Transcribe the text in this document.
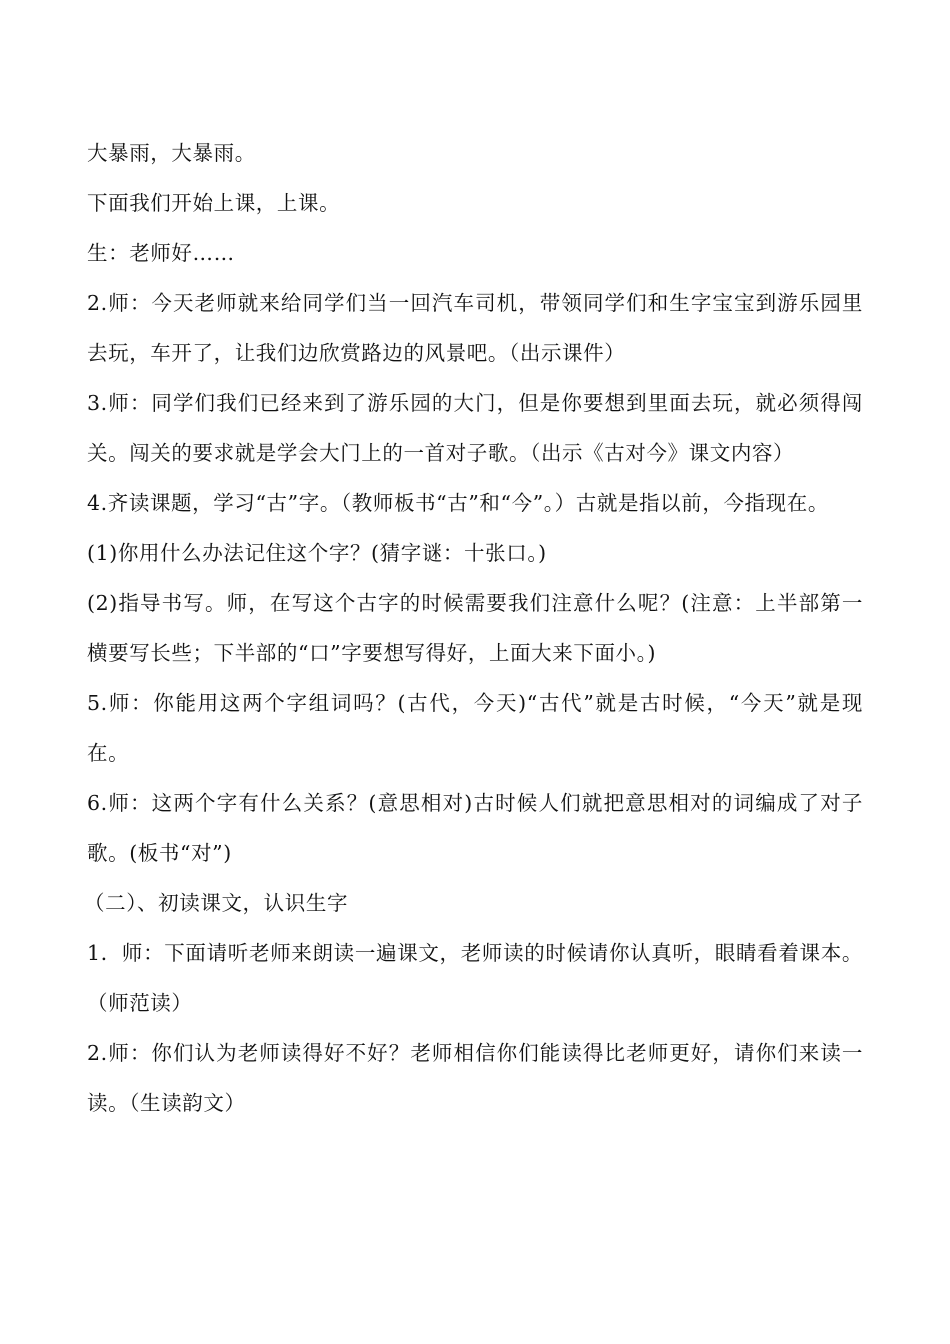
大暴雨，大暴雨。

下面我们开始上课，上课。

生：老师好……

2.师：今天老师就来给同学们当一回汽车司机，带领同学们和生字宝宝到游乐园里去玩，车开了，让我们边欣赏路边的风景吧。（出示课件）

3.师：同学们我们已经来到了游乐园的大门，但是你要想到里面去玩，就必须得闯关。闯关的要求就是学会大门上的一首对子歌。（出示《古对今》课文内容）

4.齐读课题，学习“古”字。（教师板书“古”和“今”。）古就是指以前，今指现在。

(1)你用什么办法记住这个字？(猜字谜：十张口。)

(2)指导书写。师，在写这个古字的时候需要我们注意什么呢？(注意：上半部第一横要写长些；下半部的“口”字要想写得好，上面大来下面小。)

5.师：你能用这两个字组词吗？(古代，今天)“古代”就是古时候，“今天”就是现在。

6.师：这两个字有什么关系？(意思相对)古时候人们就把意思相对的词编成了对子歌。(板书“对”)

（二）、初读课文，认识生字

1．师：下面请听老师来朗读一遍课文，老师读的时候请你认真听，眼睛看着课本。（师范读）

2.师：你们认为老师读得好不好？老师相信你们能读得比老师更好，请你们来读一读。（生读韵文）
